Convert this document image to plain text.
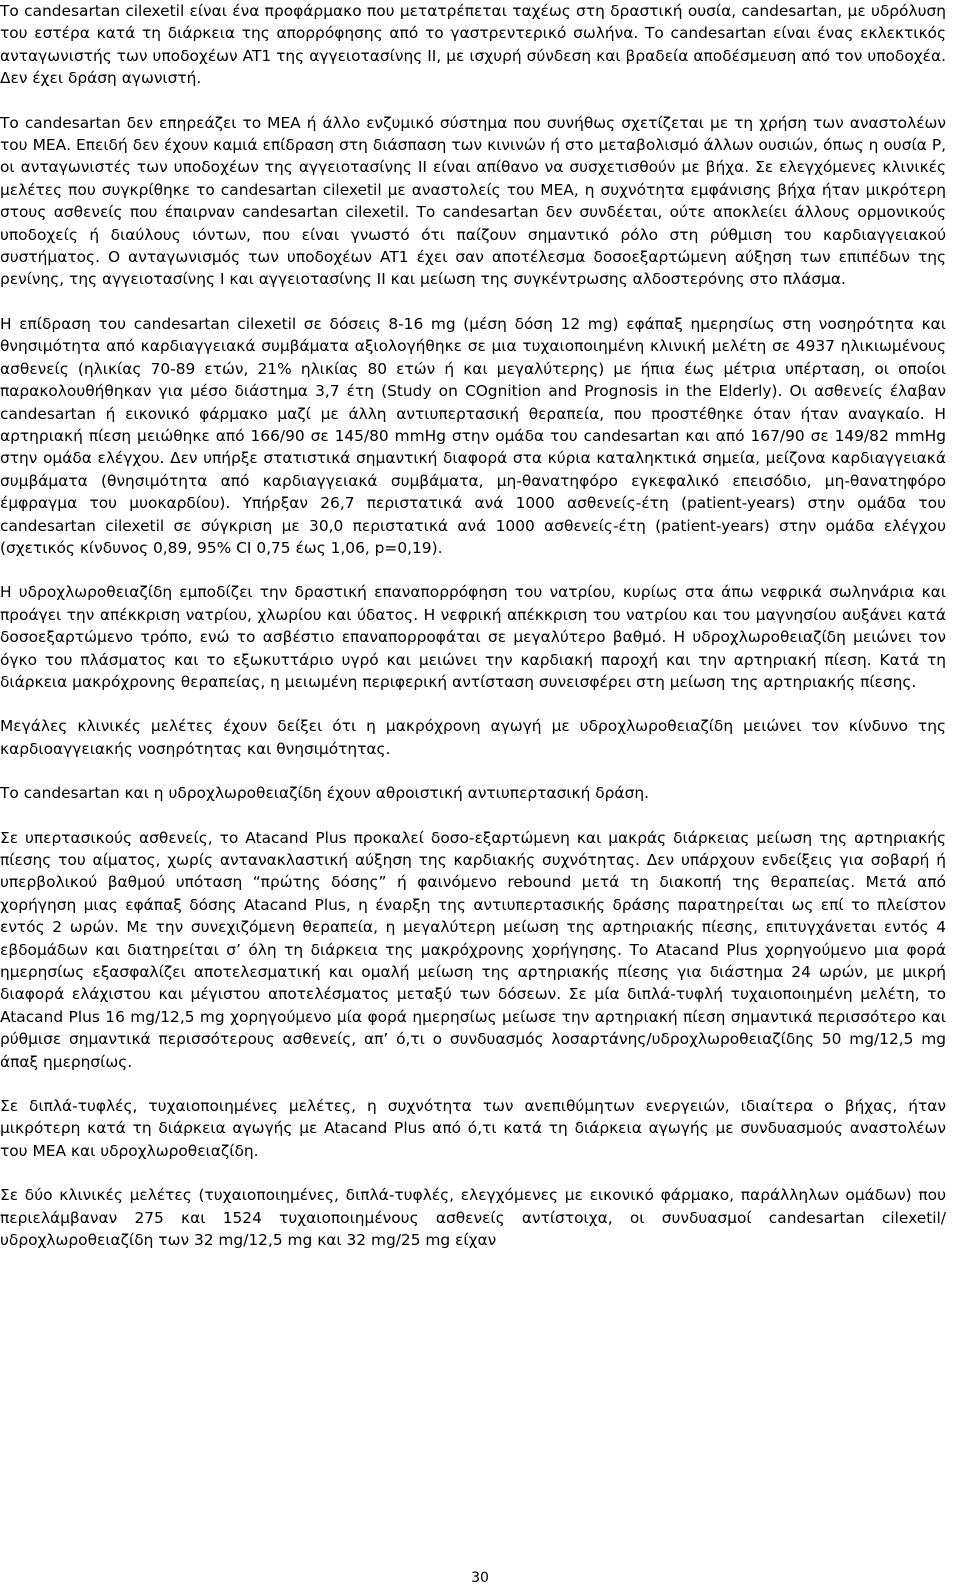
Το candesartan cilexetil είναι ένα προφάρμακο που μετατρέπεται ταχέως στη δραστική ουσία, candesartan, με υδρόλυση του εστέρα κατά τη διάρκεια της απορρόφησης από το γαστρεντερικό σωλήνα. Το candesartan είναι ένας εκλεκτικός ανταγωνιστής των υποδοχέων AT1 της αγγειοτασίνης ΙΙ, με ισχυρή σύνδεση και βραδεία αποδέσμευση από τον υποδοχέα. Δεν έχει δράση αγωνιστή.

Το candesartan δεν επηρεάζει το ΜΕΑ ή άλλο ενζυμικό σύστημα που συνήθως σχετίζεται με τη χρήση των αναστολέων του ΜΕΑ. Επειδή δεν έχουν καμιά επίδραση στη διάσπαση των κινινών ή στο μεταβολισμό άλλων ουσιών, όπως η ουσία Ρ, οι ανταγωνιστές των υποδοχέων της αγγειοτασίνης ΙΙ είναι απίθανο να συσχετισθούν με βήχα. Σε ελεγχόμενες κλινικές μελέτες που συγκρίθηκε το candesartan cilexetil με αναστολείς του ΜΕΑ, η συχνότητα εμφάνισης βήχα ήταν μικρότερη στους ασθενείς που έπαιρναν candesartan cilexetil. Το candesartan δεν συνδέεται, ούτε αποκλείει άλλους ορμονικούς υποδοχείς ή διαύλους ιόντων, που είναι γνωστό ότι παίζουν σημαντικό ρόλο στη ρύθμιση του καρδιαγγειακού συστήματος. Ο ανταγωνισμός των υποδοχέων AT1 έχει σαν αποτέλεσμα δοσοεξαρτώμενη αύξηση των επιπέδων της ρενίνης, της αγγειοτασίνης Ι και αγγειοτασίνης ΙΙ και μείωση της συγκέντρωσης αλδοστερόνης στο πλάσμα.

Η επίδραση του candesartan cilexetil σε δόσεις 8-16 mg (μέση δόση 12 mg) εφάπαξ ημερησίως στη νοσηρότητα και θνησιμότητα από καρδιαγγειακά συμβάματα αξιολογήθηκε σε μια τυχαιοποιημένη κλινική μελέτη σε 4937 ηλικιωμένους ασθενείς (ηλικίας 70-89 ετών, 21% ηλικίας 80 ετών ή και μεγαλύτερης) με ήπια έως μέτρια υπέρταση, οι οποίοι παρακολουθήθηκαν για μέσο διάστημα 3,7 έτη (Study on COgnition and Prognosis in the Elderly). Οι ασθενείς έλαβαν candesartan ή εικονικό φάρμακο μαζί με άλλη αντιυπερτασική θεραπεία, που προστέθηκε όταν ήταν αναγκαίο. Η αρτηριακή πίεση μειώθηκε από 166/90 σε 145/80 mmHg στην ομάδα του candesartan και από 167/90 σε 149/82 mmHg στην ομάδα ελέγχου. Δεν υπήρξε στατιστικά σημαντική διαφορά στα κύρια καταληκτικά σημεία, μείζονα καρδιαγγειακά συμβάματα (θνησιμότητα από καρδιαγγειακά συμβάματα, μη-θανατηφόρο εγκεφαλικό επεισόδιο, μη-θανατηφόρο έμφραγμα του μυοκαρδίου). Υπήρξαν 26,7 περιστατικά ανά 1000 ασθενείς-έτη (patient-years) στην ομάδα του candesartan cilexetil σε σύγκριση με 30,0 περιστατικά ανά 1000 ασθενείς-έτη (patient-years) στην ομάδα ελέγχου (σχετικός κίνδυνος 0,89, 95% CI 0,75 έως 1,06, p=0,19).

Η υδροχλωροθειαζίδη εμποδίζει την δραστική επαναπορρόφηση του νατρίου, κυρίως στα άπω νεφρικά σωληνάρια και προάγει την απέκκριση νατρίου, χλωρίου και ύδατος. Η νεφρική απέκκριση του νατρίου και του μαγνησίου αυξάνει κατά δοσοεξαρτώμενο τρόπο, ενώ το ασβέστιο επαναπορροφάται σε μεγαλύτερο βαθμό. Η υδροχλωροθειαζίδη μειώνει τον όγκο του πλάσματος και το εξωκυττάριο υγρό και μειώνει την καρδιακή παροχή και την αρτηριακή πίεση. Κατά τη διάρκεια μακρόχρονης θεραπείας, η μειωμένη περιφερική αντίσταση συνεισφέρει στη μείωση της αρτηριακής πίεσης.

Μεγάλες κλινικές μελέτες έχουν δείξει ότι η μακρόχρονη αγωγή με υδροχλωροθειαζίδη μειώνει τον κίνδυνο της καρδιοαγγειακής νοσηρότητας και θνησιμότητας.

Το candesartan και η υδροχλωροθειαζίδη έχουν αθροιστική αντιυπερτασική δράση.

Σε υπερτασικούς ασθενείς, το Atacand Plus προκαλεί δοσο-εξαρτώμενη και μακράς διάρκειας μείωση της αρτηριακής πίεσης του αίματος, χωρίς αντανακλαστική αύξηση της καρδιακής συχνότητας. Δεν υπάρχουν ενδείξεις για σοβαρή ή υπερβολικού βαθμού υπόταση “πρώτης δόσης” ή φαινόμενο rebound μετά τη διακοπή της θεραπείας. Μετά από χορήγηση μιας εφάπαξ δόσης Atacand Plus, η έναρξη της αντιυπερτασικής δράσης παρατηρείται ως επί το πλείστον εντός 2 ωρών. Με την συνεχιζόμενη θεραπεία, η μεγαλύτερη μείωση της αρτηριακής πίεσης, επιτυγχάνεται εντός 4 εβδομάδων και διατηρείται σ’ όλη τη διάρκεια της μακρόχρονης χορήγησης. Το Atacand Plus χορηγούμενο μια φορά ημερησίως εξασφαλίζει αποτελεσματική και ομαλή μείωση της αρτηριακής πίεσης για διάστημα 24 ωρών, με μικρή διαφορά ελάχιστου και μέγιστου αποτελέσματος μεταξύ των δόσεων. Σε μία διπλά-τυφλή τυχαιοποιημένη μελέτη, το Atacand Plus 16 mg/12,5 mg χορηγούμενο μία φορά ημερησίως μείωσε την αρτηριακή πίεση σημαντικά περισσότερο και ρύθμισε σημαντικά περισσότερους ασθενείς, απ’ ό,τι ο συνδυασμός λοσαρτάνης/υδροχλωροθειαζίδης 50 mg/12,5 mg άπαξ ημερησίως.

Σε διπλά-τυφλές, τυχαιοποιημένες μελέτες, η συχνότητα των ανεπιθύμητων ενεργειών, ιδιαίτερα ο βήχας, ήταν μικρότερη κατά τη διάρκεια αγωγής με Atacand Plus από ό,τι κατά τη διάρκεια αγωγής με συνδυασμούς αναστολέων του ΜΕΑ και υδροχλωροθειαζίδη.

Σε δύο κλινικές μελέτες (τυχαιοποιημένες, διπλά-τυφλές, ελεγχόμενες με εικονικό φάρμακο, παράλληλων ομάδων) που περιελάμβαναν 275 και 1524 τυχαιοποιημένους ασθενείς αντίστοιχα, οι συνδυασμοί candesartan cilexetil/υδροχλωροθειαζίδη των 32 mg/12,5 mg και 32 mg/25 mg είχαν

30
